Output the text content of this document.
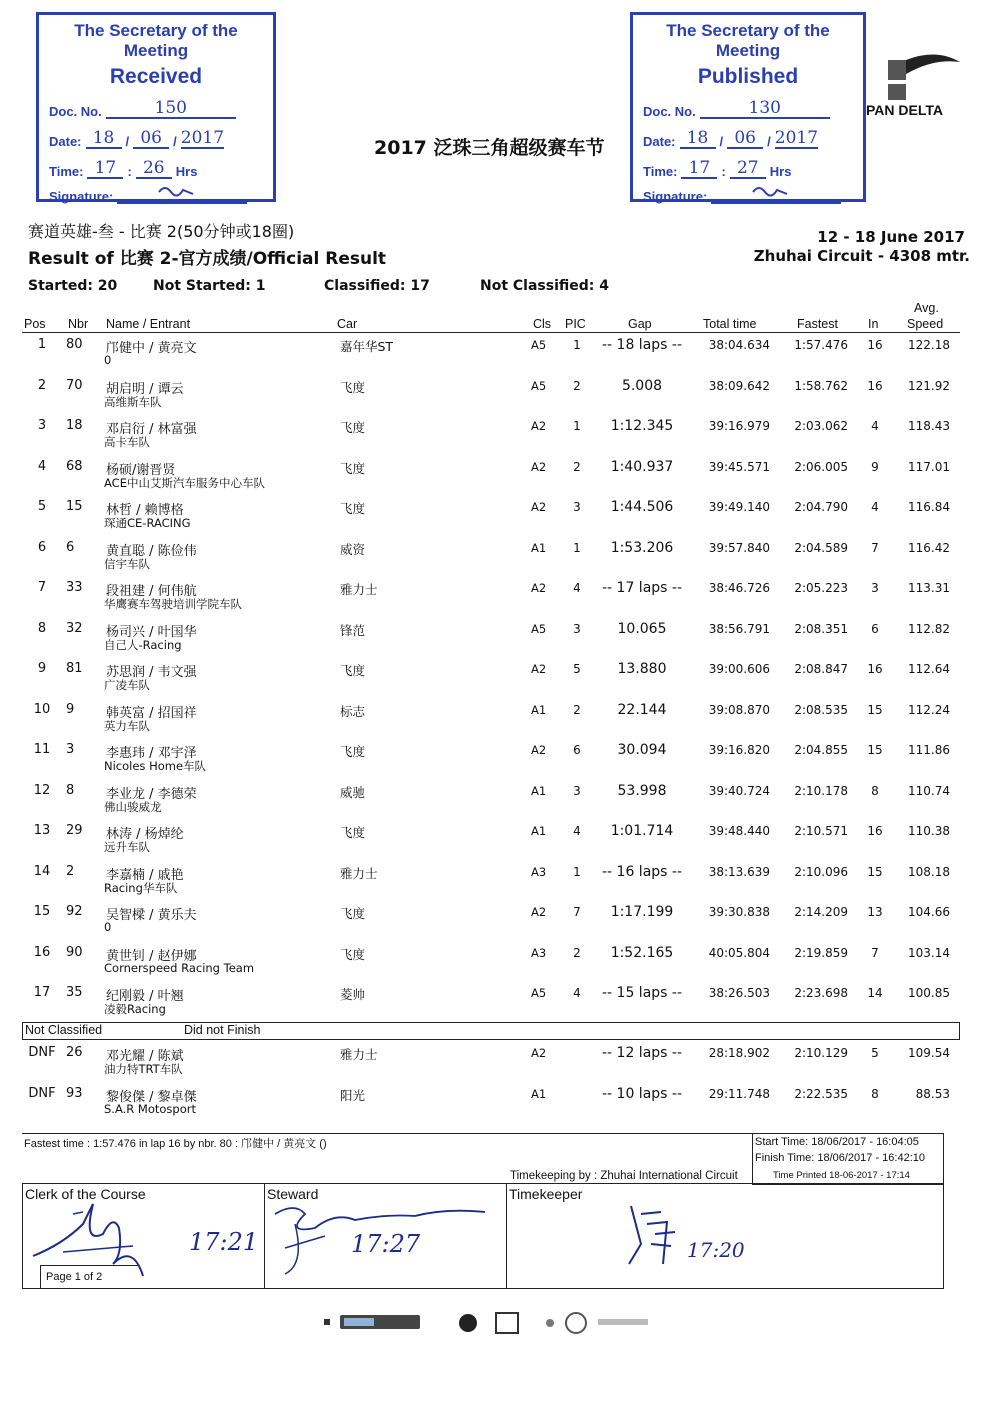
The Secretary of the Meeting
Received
Doc. No.	150
Date: 18 / 06 / 2017
Time: 17 : 26 Hrs
Signature:
The Secretary of the Meeting
Published
Doc. No.	130
Date: 18 / 06 / 2017
Time: 17 : 27 Hrs
Signature:
PAN DELTA
2017 泛珠三角超级赛车节
赛道英雄-叁 - 比赛 2(50分钟或18圈)
Result of 比赛 2-官方成绩/Official Result
12 - 18 June 2017
Zhuhai Circuit - 4308 mtr.
Started: 20	Not Started: 1	Classified: 17	Not Classified: 4
Pos Nbr Name / Entrant	Car	Cls PIC	Gap	Total time	Fastest In
Avg.
Speed
1	80 邝健中 / 黄亮文
0
嘉年华ST	A5	1	-- 18 laps --	38:04.634	1:57.476	16	122.18
2	70 胡启明 / 谭云
高维斯车队
飞度	A5	2	5.008	38:09.642	1:58.762	16	121.92
3	18 邓启衍 / 林富强
高卡车队
飞度	A2	1	1:12.345	39:16.979	2:03.062	4	118.43
4	68 杨硕/谢晋贤
ACE中山艾斯汽车服务中心车队
飞度	A2	2	1:40.937	39:45.571	2:06.005	9	117.01
5	15 林哲 / 赖博格
琛通CE-RACING
飞度	A2	3	1:44.506	39:49.140	2:04.790	4	116.84
6	6 黄直聪 / 陈俭伟
信宇车队
威资	A1	1	1:53.206	39:57.840	2:04.589	7	116.42
7	33 段祖建 / 何伟航
华鹰赛车驾驶培训学院车队
雅力士	A2	4	-- 17 laps --	38:46.726	2:05.223	3	113.31
8	32 杨司兴 / 叶国华
自己人-Racing
锋范	A5	3	10.065	38:56.791	2:08.351	6	112.82
9	81 苏思润 / 韦文强
广凌车队
飞度	A2	5	13.880	39:00.606	2:08.847	16	112.64
10	9 韩英富 / 招国祥
英力车队
标志	A1	2	22.144	39:08.870	2:08.535	15	112.24
11	3 李惠玮 / 邓宇泽
Nicoles Home车队
飞度	A2	6	30.094	39:16.820	2:04.855	15	111.86
12	8 李业龙 / 李德荣
佛山骏威龙
威驰	A1	3	53.998	39:40.724	2:10.178	8	110.74
13	29 林涛 / 杨焯纶
远升车队
飞度	A1	4	1:01.714	39:48.440	2:10.571	16	110.38
14	2 李嘉楠 / 戚艳
Racing华车队
雅力士	A3	1	-- 16 laps --	38:13.639	2:10.096	15	108.18
15	92 吴智樑 / 黄乐夫
0
飞度	A2	7	1:17.199	39:30.838	2:14.209	13	104.66
16	90 黄世钊 / 赵伊娜
Cornerspeed Racing Team
飞度	A3	2	1:52.165	40:05.804	2:19.859	7	103.14
17	35 纪刚毅 / 叶翘
凌毅Racing
菱帅	A5	4	-- 15 laps --	38:26.503	2:23.698	14	100.85
Not Classified	Did not Finish
DNF 26 邓光耀 / 陈斌
油力特TRT车队
雅力士	A2	-- 12 laps --	28:18.902	2:10.129	5	109.54
DNF 93 黎俊傑 / 黎卓傑
S.A.R Motosport
阳光	A1	-- 10 laps --	29:11.748	2:22.535	8	88.53
Fastest time : 1:57.476 in lap 16 by nbr. 80 : 邝健中 / 黄亮文 ()	Start Time: 18/06/2017 - 16:04:05
Finish Time: 18/06/2017 - 16:42:10
Time Printed 18-06-2017 - 17:14
Timekeeping by : Zhuhai International Circuit
Clerk of the Course	Steward	Timekeeper
17:21	17:27	17:20
Page 1 of 2
